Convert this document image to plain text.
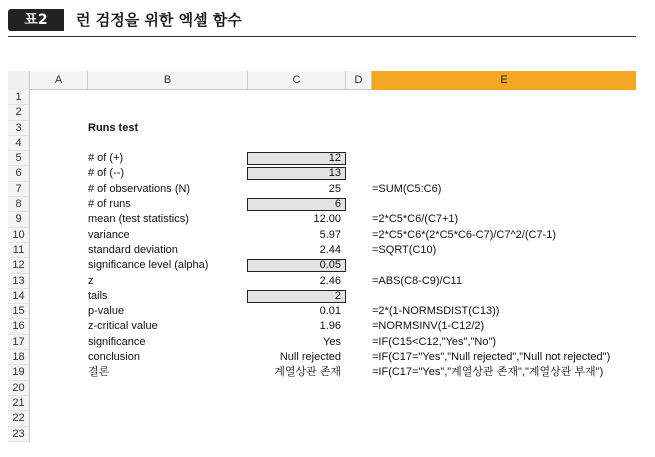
표2	런 검정을 위한 엑셀 함수
A	B	C	D	E
1
2
3	Runs test
4
5	# of (+)	12
6	# of (--)	13
7	# of observations (N)	25	=SUM(C5:C6)
8	# of runs	6
9	mean (test statistics)	12.00	=2*C5*C6/(C7+1)
10	variance	5.97	=2*C5*C6*(2*C5*C6-C7)/C7^2/(C7-1)
11	standard deviation	2.44	=SQRT(C10)
12	significance level (alpha)	0.05
13	z	2.46	=ABS(C8-C9)/C11
14	tails	2
15	p-value	0.01	=2*(1-NORMSDIST(C13))
16	z-critical value	1.96	=NORMSINV(1-C12/2)
17	significance	Yes	=IF(C15<C12,"Yes","No")
18	conclusion	Null rejected	=IF(C17="Yes","Null rejected","Null not rejected")
19	결론	계열상관 존재	=IF(C17="Yes","계열상관 존재","계열상관 부재")
20
21
22
23
